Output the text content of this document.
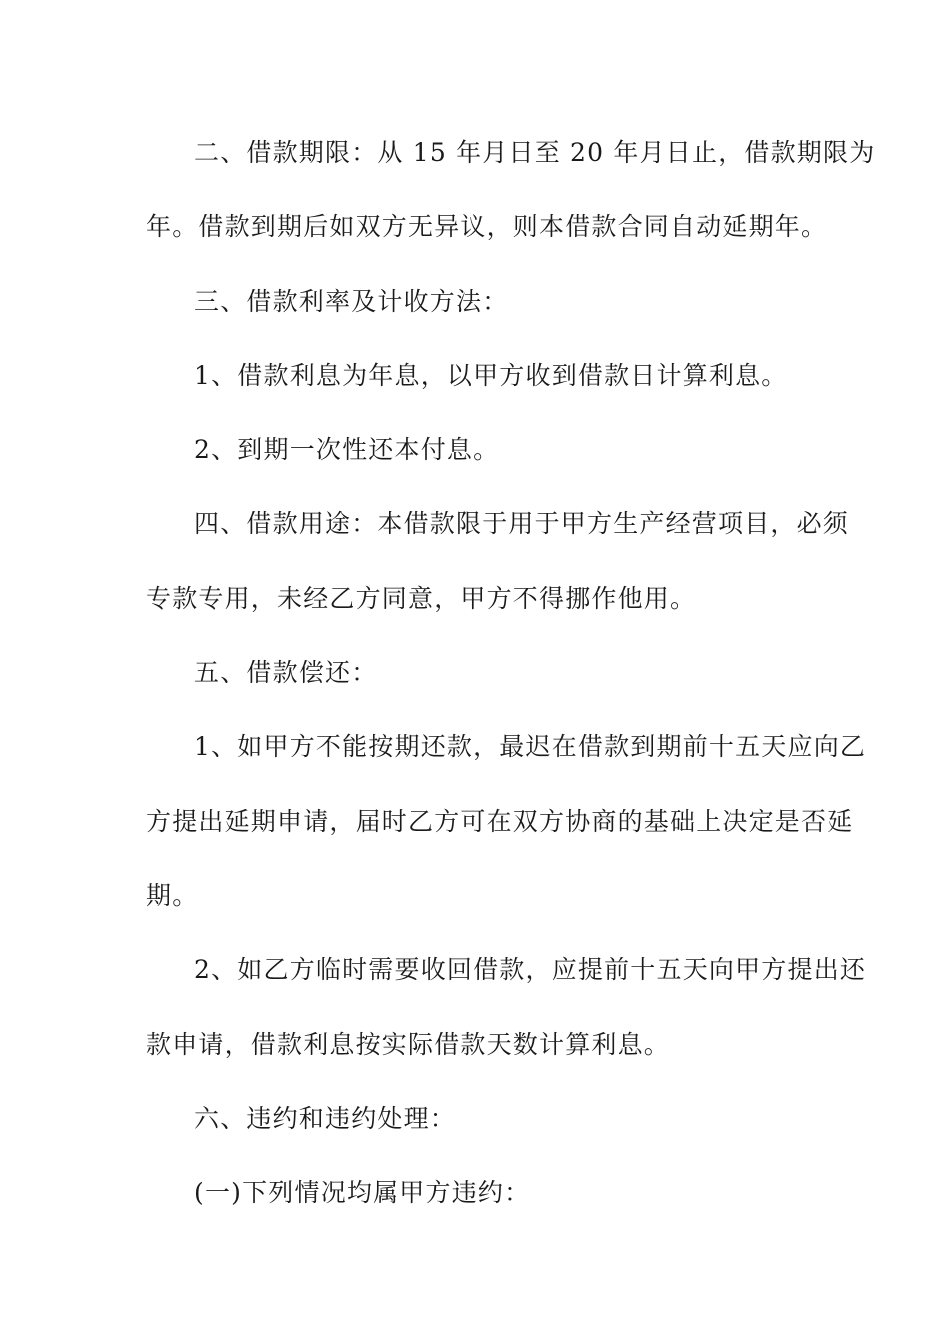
二、借款期限：从 15 年月日至 20 年月日止，借款期限为
年。借款到期后如双方无异议，则本借款合同自动延期年。
三、借款利率及计收方法：
1、借款利息为年息，以甲方收到借款日计算利息。
2、到期一次性还本付息。
四、借款用途：本借款限于用于甲方生产经营项目，必须
专款专用，未经乙方同意，甲方不得挪作他用。
五、借款偿还：
1、如甲方不能按期还款，最迟在借款到期前十五天应向乙
方提出延期申请，届时乙方可在双方协商的基础上决定是否延
期。
2、如乙方临时需要收回借款，应提前十五天向甲方提出还
款申请，借款利息按实际借款天数计算利息。
六、违约和违约处理：
(一)下列情况均属甲方违约：
